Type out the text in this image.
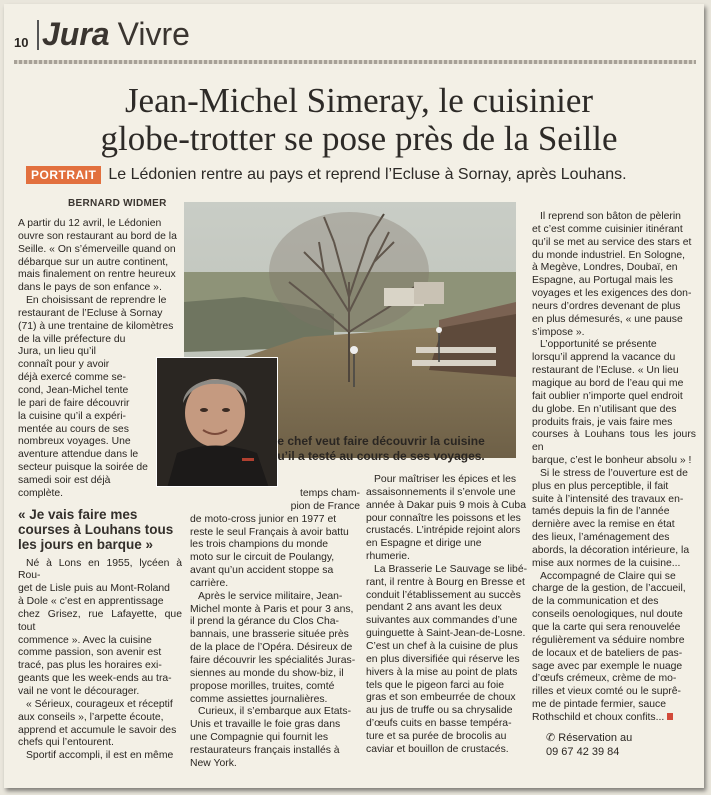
10 Jura Vivre
Jean-Michel Simeray, le cuisinier
globe-trotter se pose près de la Seille
PORTRAIT Le Lédonien rentre au pays et reprend l’Ecluse à Sornay, après Louhans.
BERNARD WIDMER
Le chef veut faire découvrir la cuisine
qu’il a testé au cours de ses voyages.

A partir du 12 avril, le Lédonien
ouvre son restaurant au bord de la
Seille. « On s’émerveille quand on
débarque sur un autre continent,
mais finalement on rentre heureux
dans le pays de son enfance ».

En choisissant de reprendre le
restaurant de l’Ecluse à Sornay
(71) à une trentaine de kilomètres
de la ville préfecture du
Jura, un lieu qu’il
connaît pour y avoir
déjà exercé comme se-
cond, Jean-Michel tente
le pari de faire découvrir
la cuisine qu’il a expéri-
mentée au cours de ses
nombreux voyages. Une
aventure attendue dans le
secteur puisque la soirée de
samedi soir est déjà
complète.

« Je vais faire mes courses à Louhans tous les jours en barque »

Né à Lons en 1955, lycéen à Rou-
get de Lisle puis au Mont-Roland
à Dole « c’est en apprentissage
chez Grisez, rue Lafayette, que tout
commence ». Avec la cuisine
comme passion, son avenir est
tracé, pas plus les horaires exi-
geants que les week-ends au tra-
vail ne vont le décourager.

« Sérieux, courageux et réceptif
aux conseils », l’arpette écoute,
apprend et accumule le savoir des
chefs qui l’entourent.

Sportif accompli, il est en même

temps cham-
pion de France

de moto-cross junior en 1977 et
reste le seul Français à avoir battu
les trois champions du monde
moto sur le circuit de Poulangy,
avant qu’un accident stoppe sa
carrière.

Après le service militaire, Jean-
Michel monte à Paris et pour 3 ans,
il prend la gérance du Clos Cha-
bannais, une brasserie située près
de la place de l’Opéra. Désireux de
faire découvrir les spécialités Juras-
siennes au monde du show-biz, il
propose morilles, truites, comté
comme assiettes journalières.

Curieux, il s’embarque aux Etats-
Unis et travaille le foie gras dans
une Compagnie qui fournit les
restaurateurs français installés à
New York.

Pour maîtriser les épices et les
assaisonnements il s’envole une
année à Dakar puis 9 mois à Cuba
pour connaître les poissons et les
crustacés. L’intrépide rejoint alors
en Espagne et dirige une
rhumerie.

La Brasserie Le Sauvage se libé-
rant, il rentre à Bourg en Bresse et
conduit l’établissement au succès
pendant 2 ans avant les deux
suivantes aux commandes d’une
guinguette à Saint-Jean-de-Losne.
C’est un chef à la cuisine de plus
en plus diversifiée qui réserve les
hivers à la mise au point de plats
tels que le pigeon farci au foie
gras et son embeurrée de choux
au jus de truffe ou sa chrysalide
d’œufs cuits en basse tempéra-
ture et sa purée de brocolis au
caviar et bouillon de crustacés.

Il reprend son bâton de pèlerin
et c’est comme cuisinier itinérant
qu’il se met au service des stars et
du monde industriel. En Sologne,
à Megève, Londres, Doubaï, en
Espagne, au Portugal mais les
voyages et les exigences des don-
neurs d’ordres devenant de plus
en plus démesurés, « une pause
s’impose ».

L’opportunité se présente
lorsqu’il apprend la vacance du
restaurant de l’Ecluse. « Un lieu
magique au bord de l’eau qui me
fait oublier n’importe quel endroit
du globe. En n’utilisant que des
produits frais, je vais faire mes
courses à Louhans tous les jours en
barque, c’est le bonheur absolu » !

Si le stress de l’ouverture est de
plus en plus perceptible, il fait
suite à l’intensité des travaux en-
tamés depuis la fin de l’année
dernière avec la remise en état
des lieux, l’aménagement des
abords, la décoration intérieure, la
mise aux normes de la cuisine...

Accompagné de Claire qui se
charge de la gestion, de l’accueil,
de la communication et des
conseils oenologiques, nul doute
que la carte qui sera renouvelée
régulièrement va séduire nombre
de locaux et de bateliers de pas-
sage avec par exemple le nuage
d’œufs crémeux, crème de mo-
rilles et vieux comté ou le suprê-
me de pintade fermier, sauce
Rothschild et choux confits...

✆ Réservation au
09 67 42 39 84
